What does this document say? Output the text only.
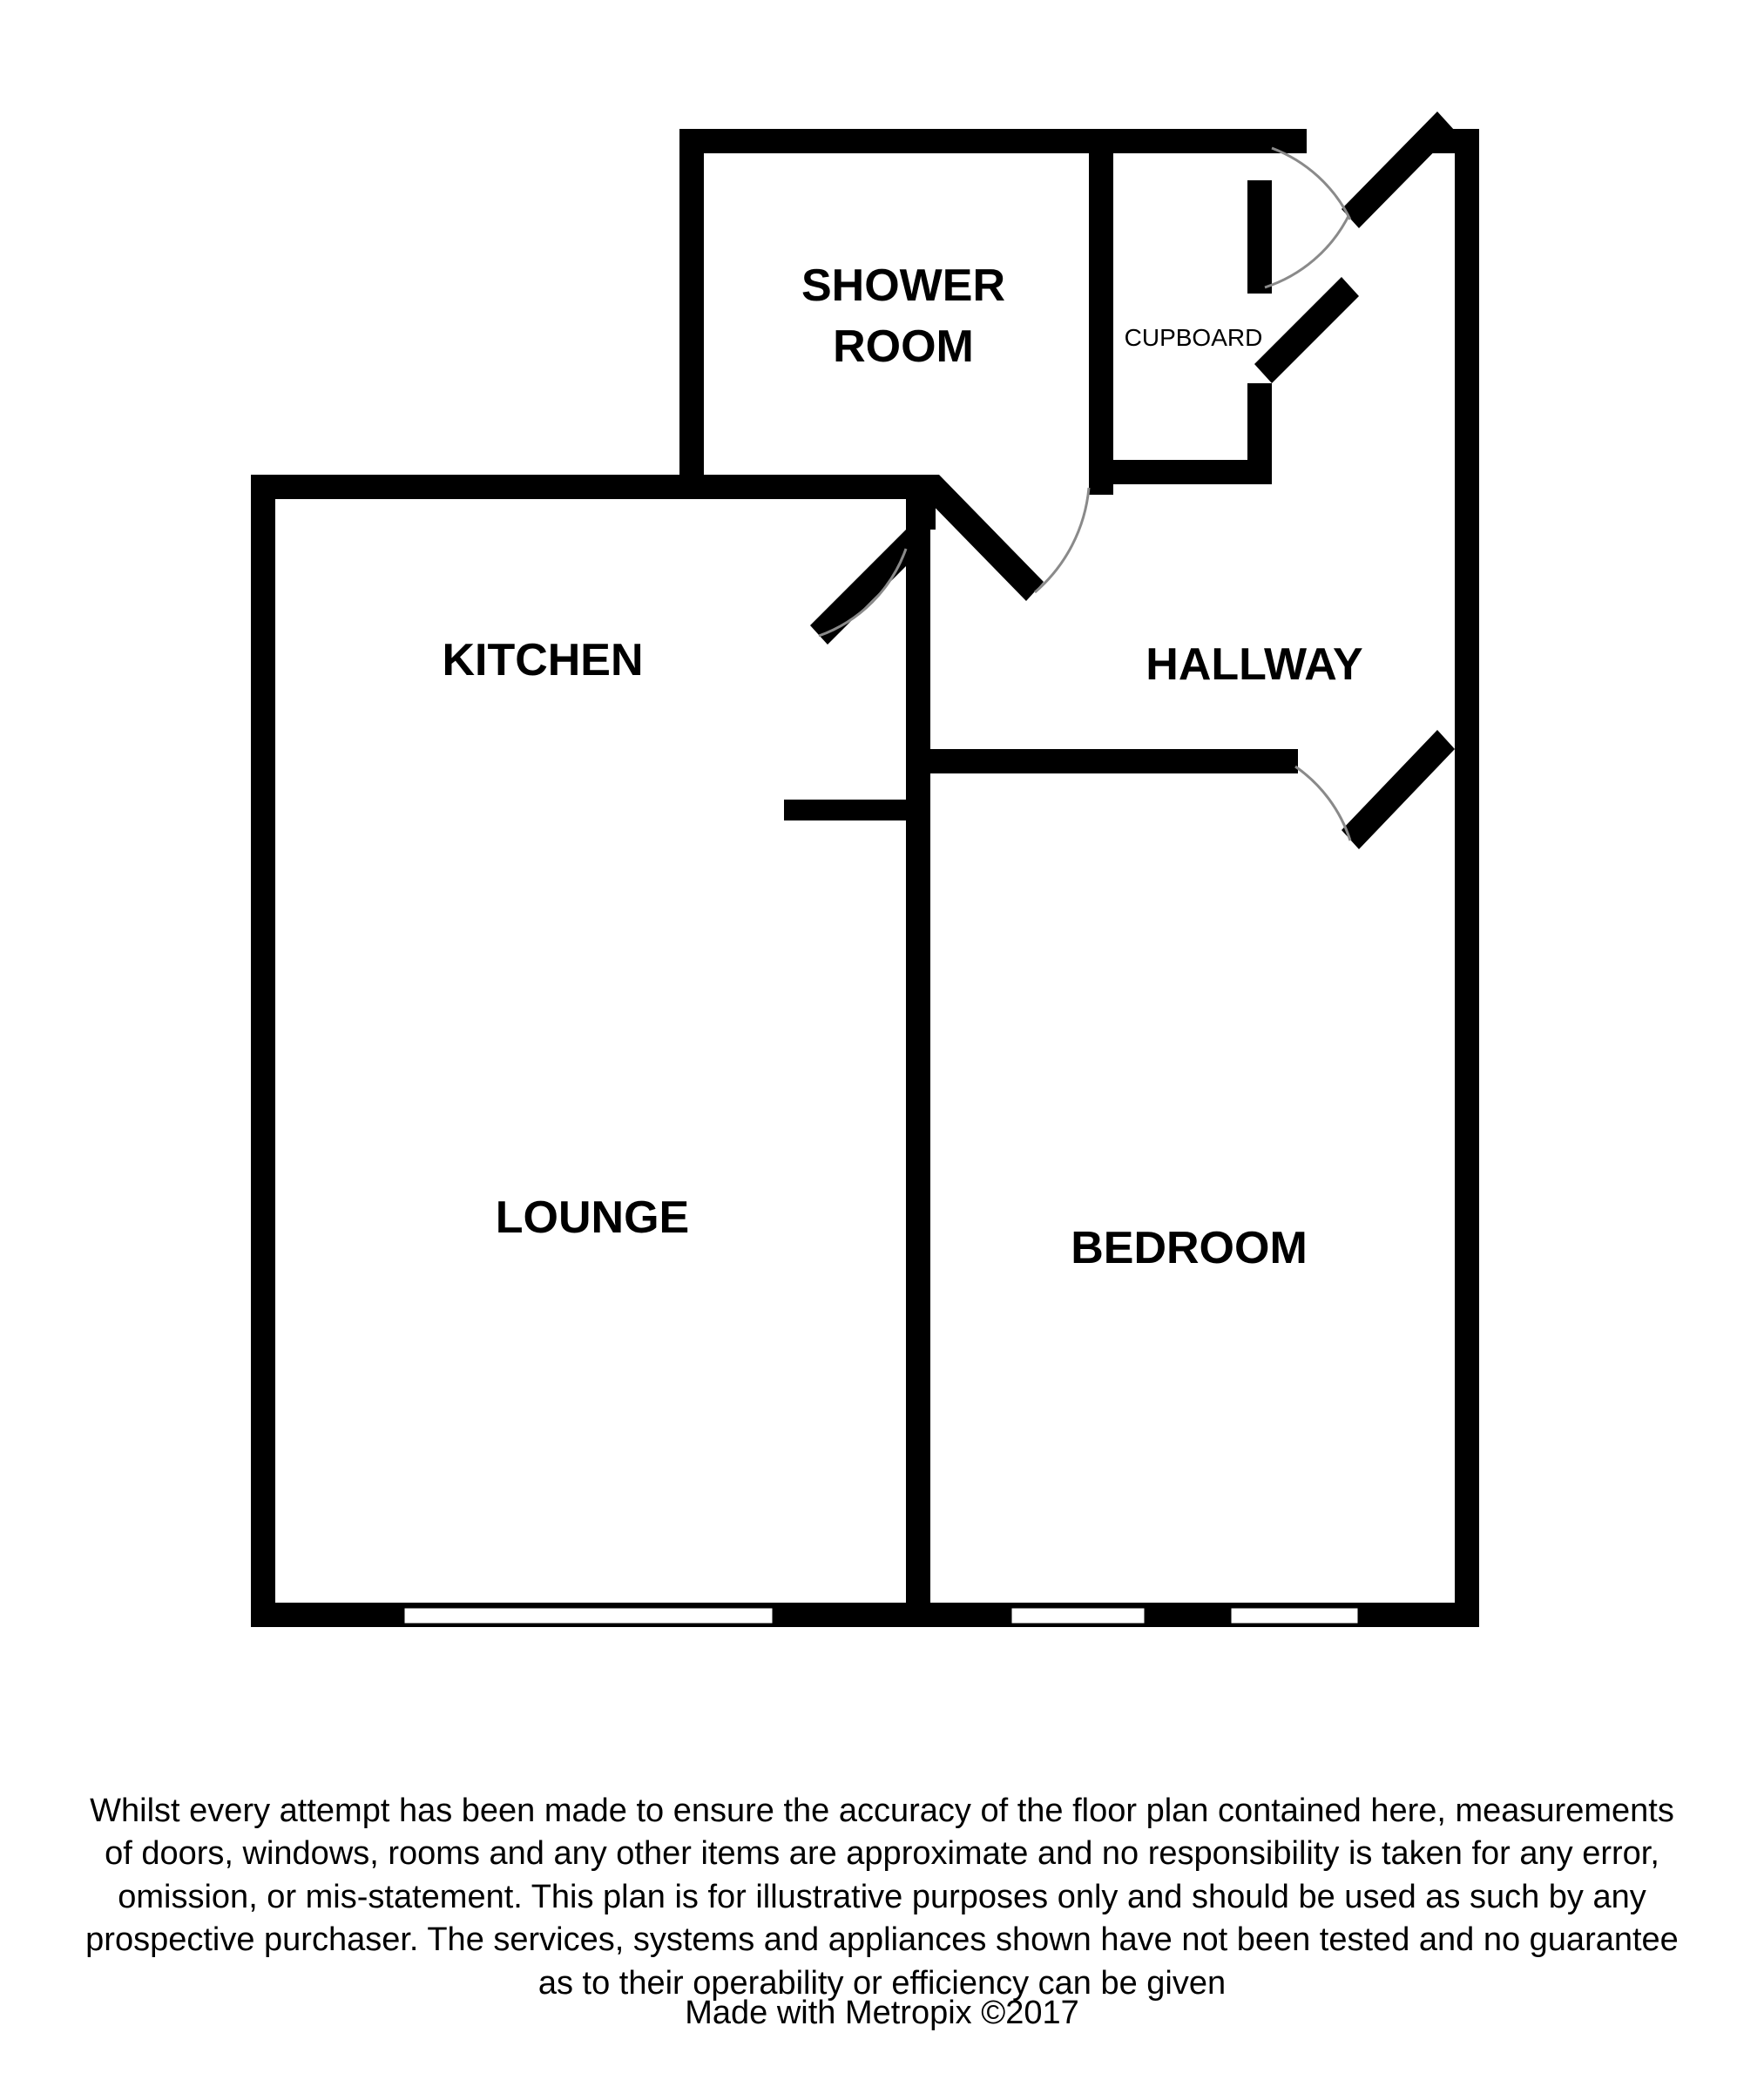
SHOWER
ROOM	CUPBOARD
KITCHEN	HALLWAY
LOUNGE
BEDROOM
Whilst every attempt has been made to ensure the accuracy of the floor plan contained here, measurements
of doors, windows, rooms and any other items are approximate and no responsibility is taken for any error,
omission, or mis-statement. This plan is for illustrative purposes only and should be used as such by any
prospective purchaser. The services, systems and appliances shown have not been tested and no guarantee
as to their operability or efficiency can be given
Made with Metropix ©2017
